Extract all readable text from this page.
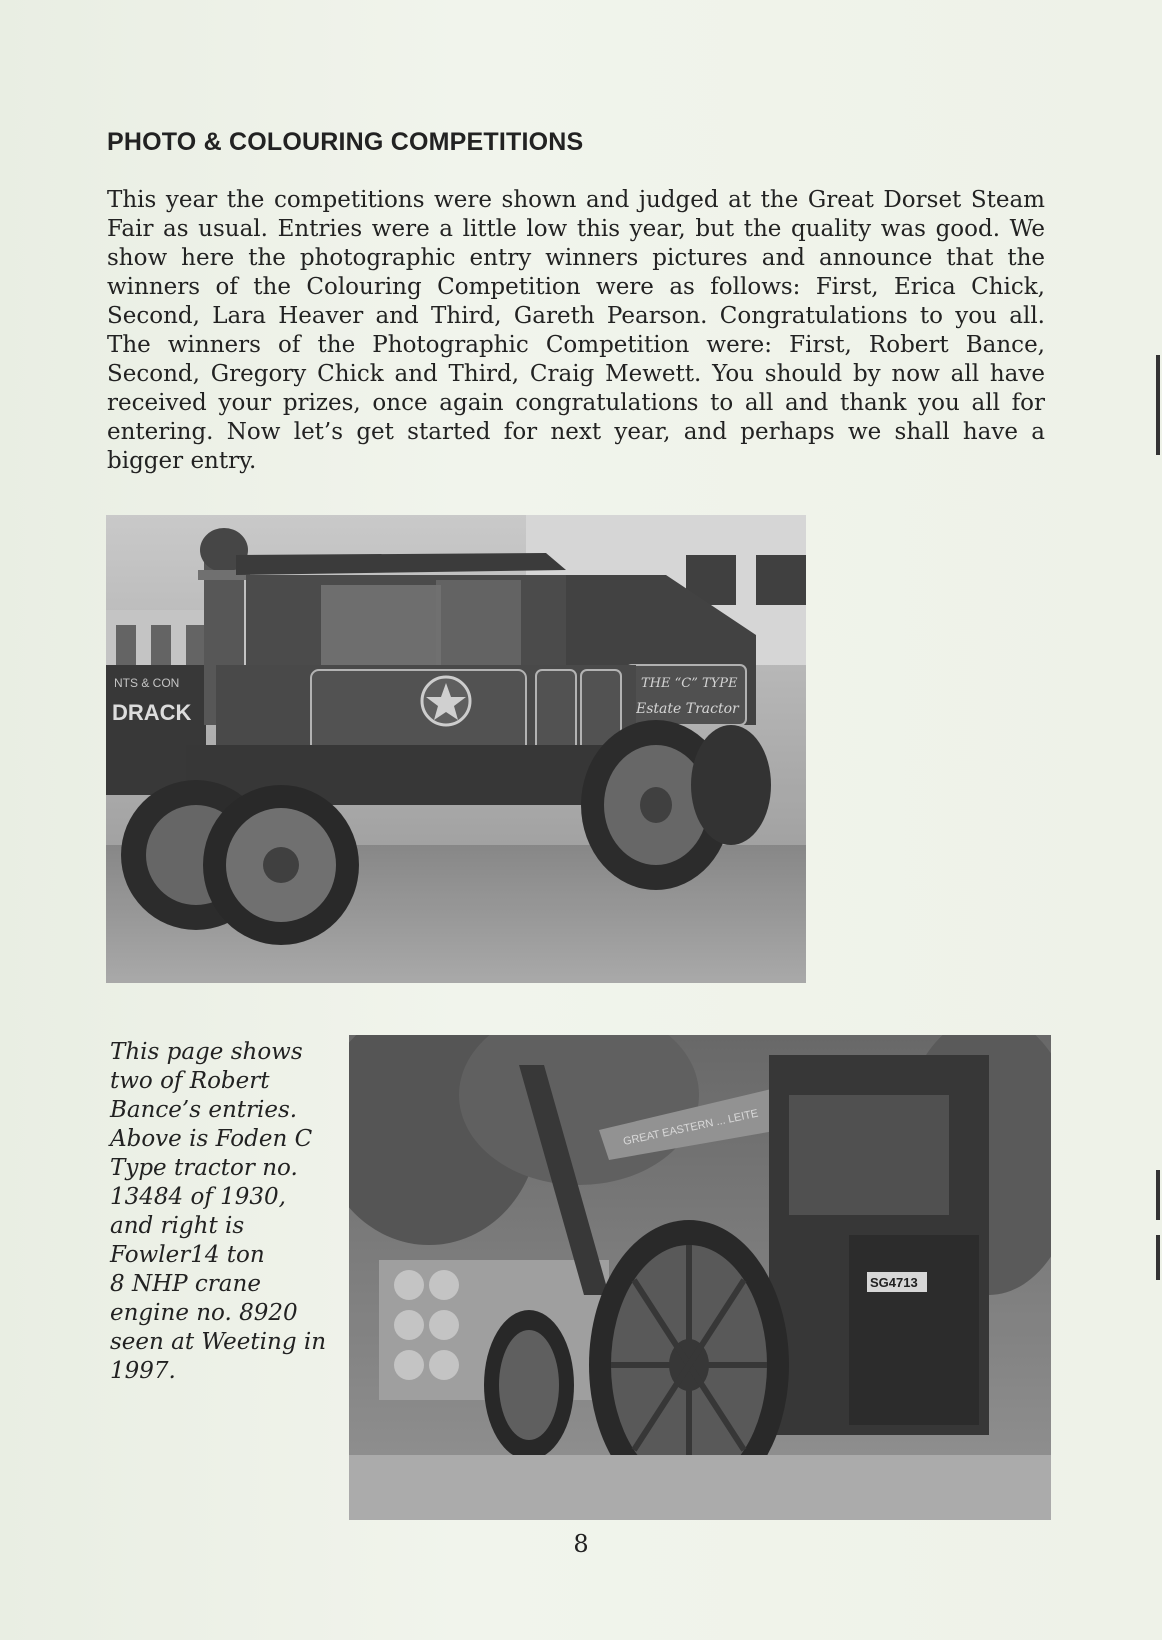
PHOTO & COLOURING COMPETITIONS
This year the competitions were shown and judged at the Great Dorset Steam Fair as usual. Entries were a little low this year, but the quality was good. We show here the photographic entry winners pictures and announce that the winners of the Colouring Competition were as follows: First, Erica Chick, Second, Lara Heaver and Third, Gareth Pearson. Congratulations to you all. The winners of the Photographic Competition were: First, Robert Bance, Second, Gregory Chick and Third, Craig Mewett. You should by now all have received your prizes, once again congratulations to all and thank you all for entering. Now let’s get started for next year, and perhaps we shall have a bigger entry.
DRACK
NTS & CON	THE “C” TYPE
Estate Tractor
This page shows
two of Robert
Bance’s entries.
Above is Foden C
Type tractor no.
13484 of 1930,
and right is
Fowler14 ton
8 NHP crane
engine no. 8920
seen at Weeting in
1997.
GREAT EASTERN ... LEITE
SG4713
8
